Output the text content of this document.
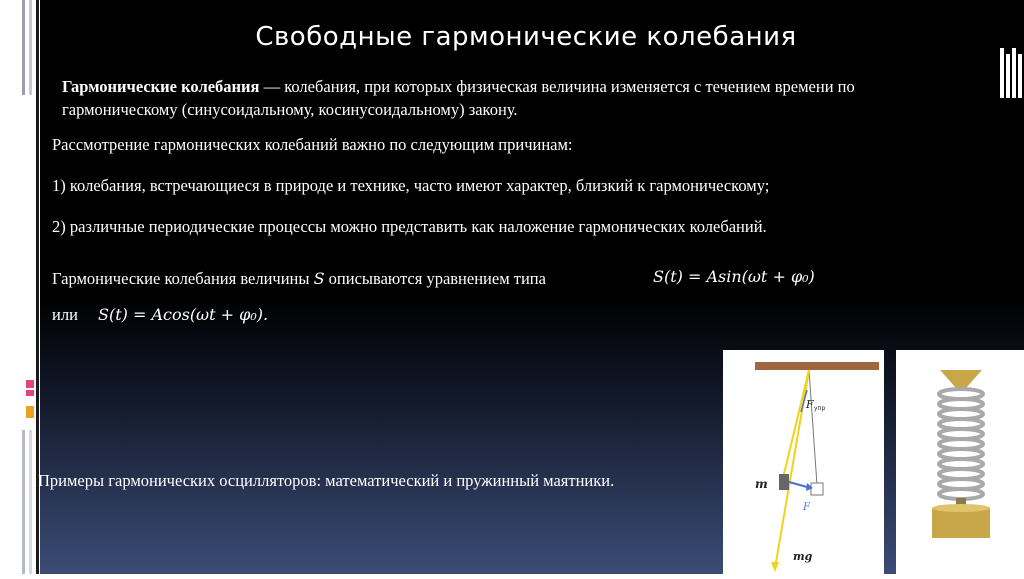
Свободные гармонические колебания
Гармонические колебания — колебания, при которых физическая величина изменяется с течением времени по
гармоническому (синусоидальному, косинусоидальному) закону.
Рассмотрение гармонических колебаний важно по следующим причинам:
1) колебания, встречающиеся в природе и технике, часто имеют характер, близкий к гармоническому;
2) различные периодические процессы можно представить как наложение гармонических колебаний.
Гармонические колебания величины S описываются уравнением типа	S(t) = Asin(ωt + φ₀)
или S(t) = Acos(ωt + φ₀).
Примеры гармонических осцилляторов: математический и пружинный маятники.	m
F упр
F
mg
